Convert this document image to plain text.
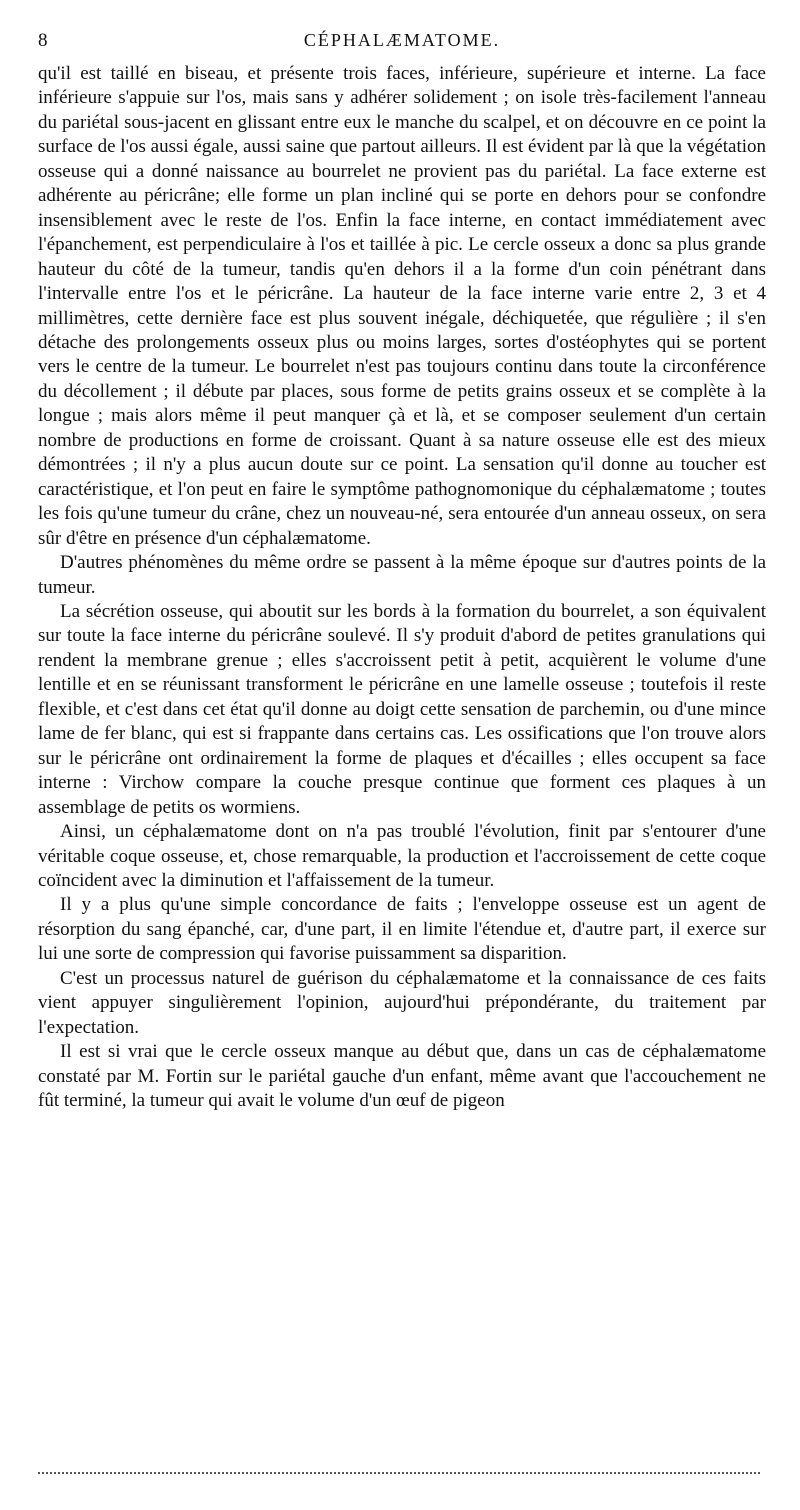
8	CÉPHALÆMATOME.

qu'il est taillé en biseau, et présente trois faces, inférieure, supérieure et interne. La face inférieure s'appuie sur l'os, mais sans y adhérer solidement ; on isole très-facilement l'anneau du pariétal sous-jacent en glissant entre eux le manche du scalpel, et on découvre en ce point la surface de l'os aussi égale, aussi saine que partout ailleurs. Il est évident par là que la végétation osseuse qui a donné naissance au bourrelet ne provient pas du pariétal. La face externe est adhérente au péricrâne; elle forme un plan incliné qui se porte en dehors pour se confondre insensiblement avec le reste de l'os. Enfin la face interne, en contact immédiatement avec l'épanchement, est perpendiculaire à l'os et taillée à pic. Le cercle osseux a donc sa plus grande hauteur du côté de la tumeur, tandis qu'en dehors il a la forme d'un coin pénétrant dans l'intervalle entre l'os et le péricrâne. La hauteur de la face interne varie entre 2, 3 et 4 millimètres, cette dernière face est plus souvent inégale, déchiquetée, que régulière ; il s'en détache des prolongements osseux plus ou moins larges, sortes d'ostéophytes qui se portent vers le centre de la tumeur. Le bourrelet n'est pas toujours continu dans toute la circonférence du décollement ; il débute par places, sous forme de petits grains osseux et se complète à la longue ; mais alors même il peut manquer çà et là, et se composer seulement d'un certain nombre de productions en forme de croissant. Quant à sa nature osseuse elle est des mieux démontrées ; il n'y a plus aucun doute sur ce point. La sensation qu'il donne au toucher est caractéristique, et l'on peut en faire le symptôme pathognomonique du céphalæmatome ; toutes les fois qu'une tumeur du crâne, chez un nouveau-né, sera entourée d'un anneau osseux, on sera sûr d'être en présence d'un céphalæmatome.

D'autres phénomènes du même ordre se passent à la même époque sur d'autres points de la tumeur.

La sécrétion osseuse, qui aboutit sur les bords à la formation du bourrelet, a son équivalent sur toute la face interne du péricrâne soulevé. Il s'y produit d'abord de petites granulations qui rendent la membrane grenue ; elles s'accroissent petit à petit, acquièrent le volume d'une lentille et en se réunissant transforment le péricrâne en une lamelle osseuse ; toutefois il reste flexible, et c'est dans cet état qu'il donne au doigt cette sensation de parchemin, ou d'une mince lame de fer blanc, qui est si frappante dans certains cas. Les ossifications que l'on trouve alors sur le péricrâne ont ordinairement la forme de plaques et d'écailles ; elles occupent sa face interne : Virchow compare la couche presque continue que forment ces plaques à un assemblage de petits os wormiens.

Ainsi, un céphalæmatome dont on n'a pas troublé l'évolution, finit par s'entourer d'une véritable coque osseuse, et, chose remarquable, la production et l'accroissement de cette coque coïncident avec la diminution et l'affaissement de la tumeur.

Il y a plus qu'une simple concordance de faits ; l'enveloppe osseuse est un agent de résorption du sang épanché, car, d'une part, il en limite l'étendue et, d'autre part, il exerce sur lui une sorte de compression qui favorise puissamment sa disparition.

C'est un processus naturel de guérison du céphalæmatome et la connaissance de ces faits vient appuyer singulièrement l'opinion, aujourd'hui prépondérante, du traitement par l'expectation.

Il est si vrai que le cercle osseux manque au début que, dans un cas de céphalæmatome constaté par M. Fortin sur le pariétal gauche d'un enfant, même avant que l'accouchement ne fût terminé, la tumeur qui avait le volume d'un œuf de pigeon
